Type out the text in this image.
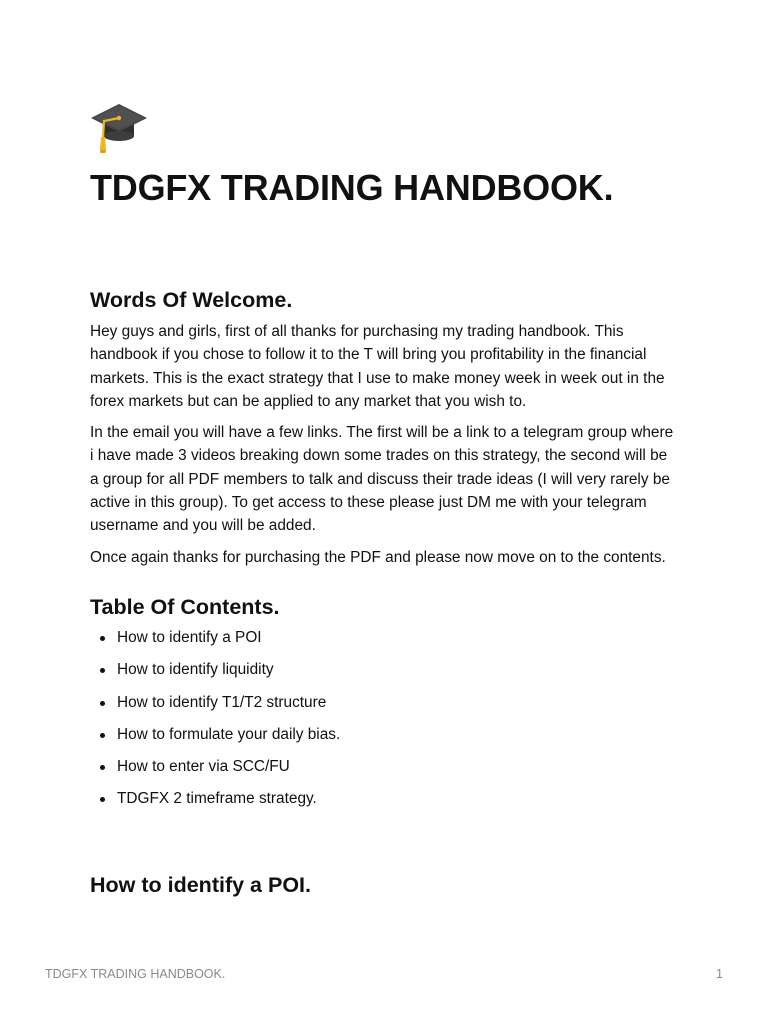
TDGFX TRADING HANDBOOK.
Words Of Welcome.

Hey guys and girls, first of all thanks for purchasing my trading handbook. This handbook if you chose to follow it to the T will bring you profitability in the financial markets. This is the exact strategy that I use to make money week in week out in the forex markets but can be applied to any market that you wish to.

In the email you will have a few links. The first will be a link to a telegram group where i have made 3 videos breaking down some trades on this strategy, the second will be a group for all PDF members to talk and discuss their trade ideas (I will very rarely be active in this group). To get access to these please just DM me with your telegram username and you will be added.

Once again thanks for purchasing the PDF and please now move on to the contents.

Table Of Contents.
How to identify a POI
How to identify liquidity
How to identify T1/T2 structure
How to formulate your daily bias.
How to enter via SCC/FU
TDGFX 2 timeframe strategy.
How to identify a POI.
TDGFX TRADING HANDBOOK.	1
